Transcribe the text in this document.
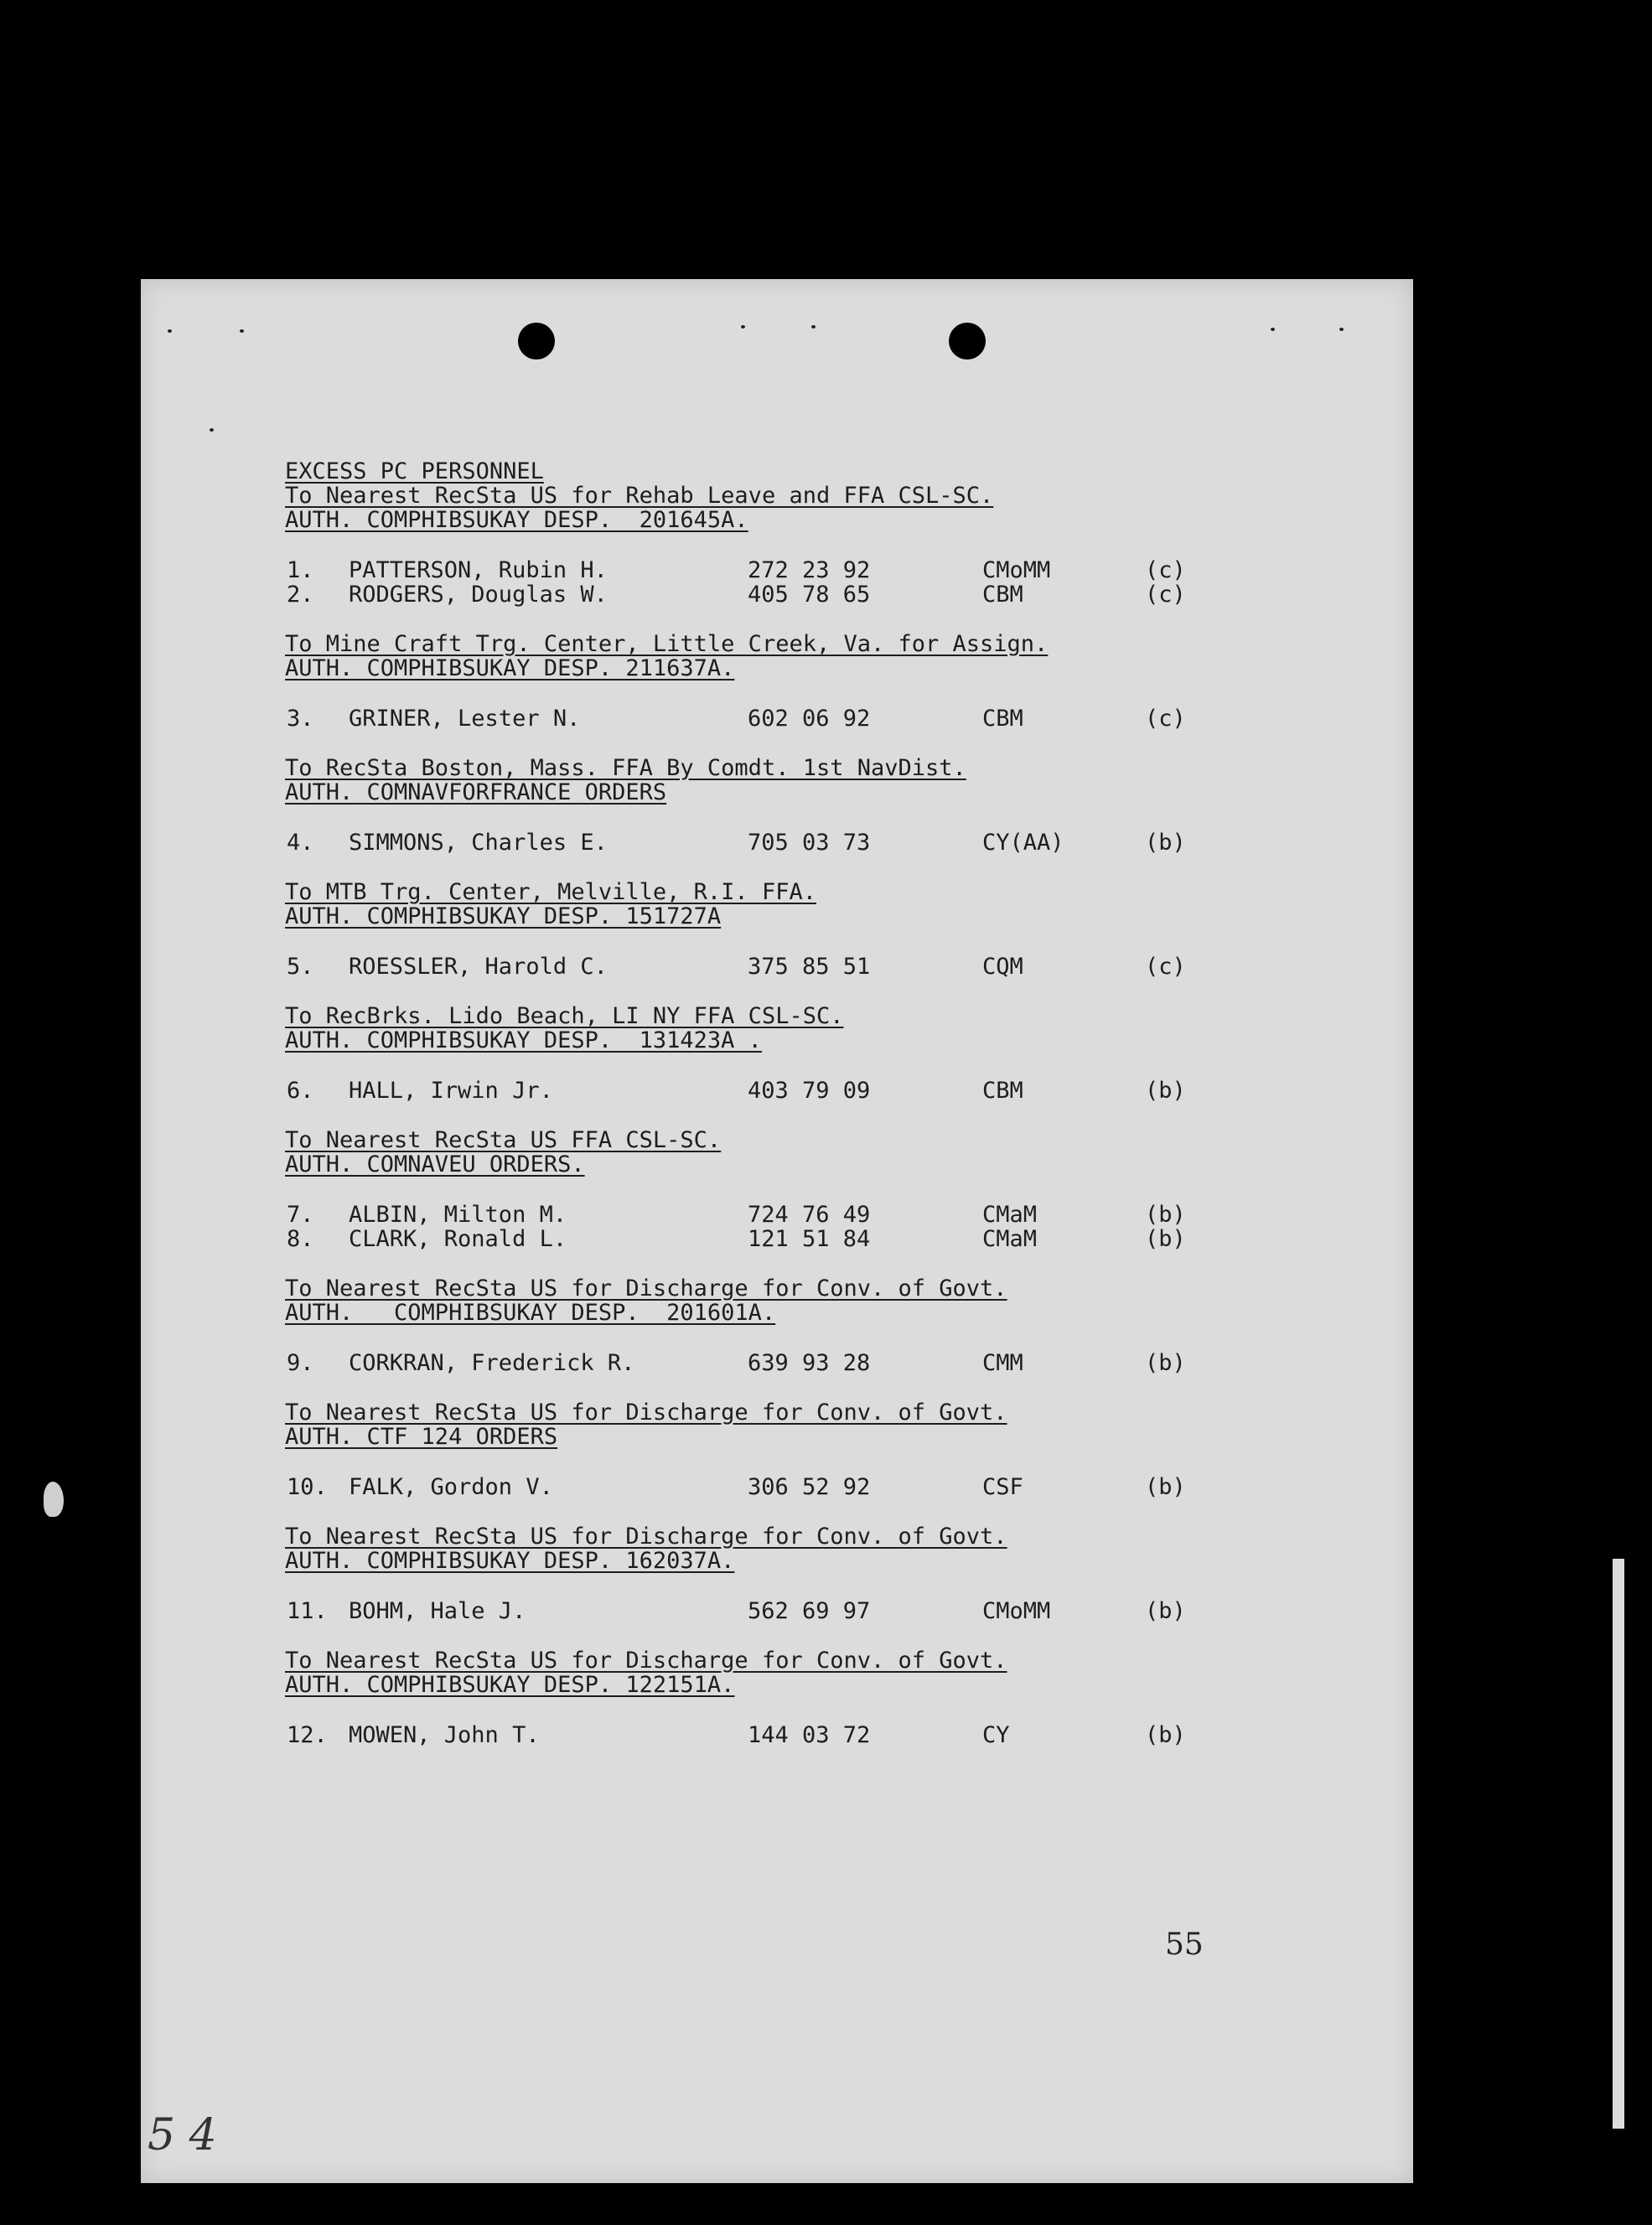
EXCESS PC PERSONNEL
To Nearest RecSta US for Rehab Leave and FFA CSL-SC.
AUTH. COMPHIBSUKAY DESP.  201645A.
1. PATTERSON, Rubin H.	272 23 92	CMoMM	(c)
2. RODGERS, Douglas W.	405 78 65	CBM	(c)
To Mine Craft Trg. Center, Little Creek, Va. for Assign.
AUTH. COMPHIBSUKAY DESP. 211637A.
3. GRINER, Lester N.	602 06 92	CBM	(c)
To RecSta Boston, Mass. FFA By Comdt. 1st NavDist.
AUTH. COMNAVFORFRANCE ORDERS
4. SIMMONS, Charles E.	705 03 73	CY(AA)	(b)
To MTB Trg. Center, Melville, R.I. FFA.
AUTH. COMPHIBSUKAY DESP. 151727A
5. ROESSLER, Harold C.	375 85 51	CQM	(c)
To RecBrks. Lido Beach, LI NY FFA CSL-SC.
AUTH. COMPHIBSUKAY DESP.  131423A .
6. HALL, Irwin Jr.	403 79 09	CBM	(b)
To Nearest RecSta US FFA CSL-SC.
AUTH. COMNAVEU ORDERS.
7. ALBIN, Milton M.	724 76 49	CMaM	(b)
8. CLARK, Ronald L.	121 51 84	CMaM	(b)
To Nearest RecSta US for Discharge for Conv. of Govt.
AUTH.   COMPHIBSUKAY DESP.  201601A.
9. CORKRAN, Frederick R.	639 93 28	CMM	(b)
To Nearest RecSta US for Discharge for Conv. of Govt.
AUTH. CTF 124 ORDERS
10. FALK, Gordon V.	306 52 92	CSF	(b)
To Nearest RecSta US for Discharge for Conv. of Govt.
AUTH. COMPHIBSUKAY DESP. 162037A.
11. BOHM, Hale J.	562 69 97	CMoMM	(b)
To Nearest RecSta US for Discharge for Conv. of Govt.
AUTH. COMPHIBSUKAY DESP. 122151A.
12. MOWEN, John T.	144 03 72	CY	(b)
55
5 4
